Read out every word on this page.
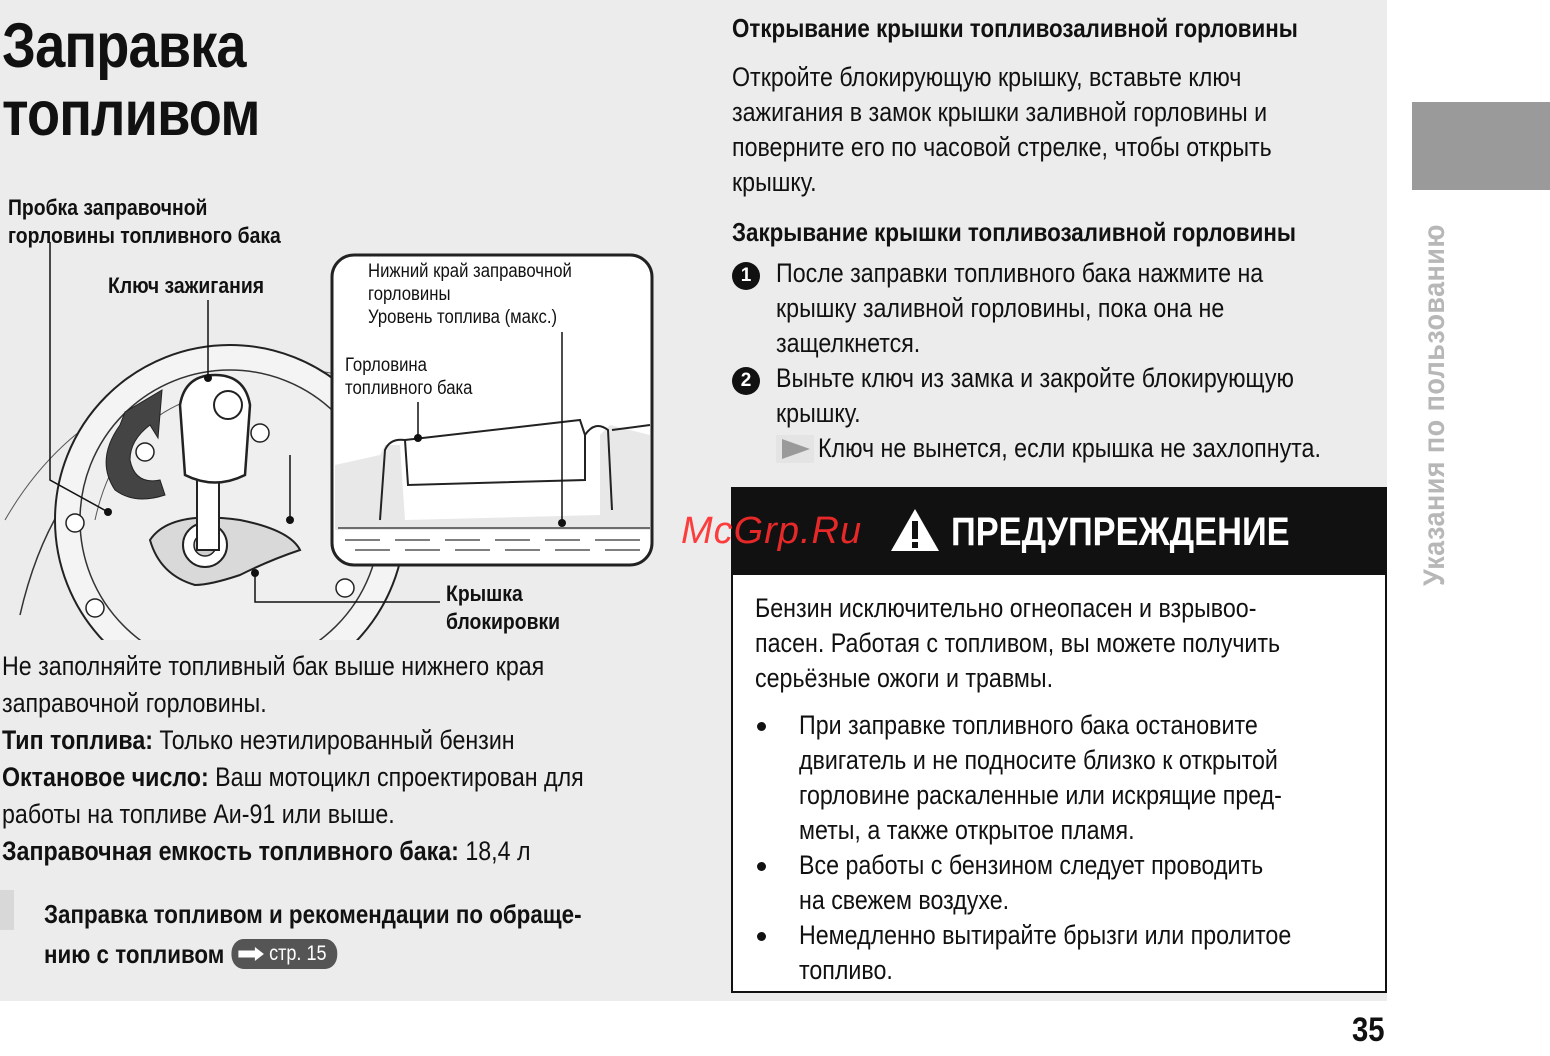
Заправка
топливом
Пробка заправочной
горловины топливного бака
Ключ зажигания
Нижний край заправочной
горловины
Уровень топлива (макс.)
Горловина
топливного бака
Крышка
блокировки

Не заполняйте топливный бак выше нижнего края

заправочной горловины.

Тип топлива: Только неэтилированный бензин

Октановое число: Ваш мотоцикл спроектирован для

работы на топливе Аи-91 или выше.

Заправочная емкость топливного бака: 18,4 л

Заправка топливом и рекомендации по обраще-
нию с топливом стр. 15
Открывание крышки топливозаливной горловины
Откройте блокирующую крышку, вставьте ключ
зажигания в замок крышки заливной горловины и
поверните его по часовой стрелке, чтобы открыть
крышку.
Закрывание крышки топливозаливной горловины
1 После заправки топливного бака нажмите на
крышку заливной горловины, пока она не
защелкнется.
2 Выньте ключ из замка и закройте блокирующую
крышку.
Ключ не вынется, если крышка не захлопнута.
ПРЕДУПРЕЖДЕНИЕ
Бензин исключительно огнеопасен и взрывоо-
пасен. Работая с топливом, вы можете получить
серьёзные ожоги и травмы.
При заправке топливного бака остановите
двигатель и не подносите близко к открытой
горловине раскаленные или искрящие пред-
меты, а также открытое пламя.
Все работы с бензином следует проводить
на свежем воздухе.
Немедленно вытирайте брызги или пролитое
топливо.
McGrp.Ru	Указания по пользованию
35
